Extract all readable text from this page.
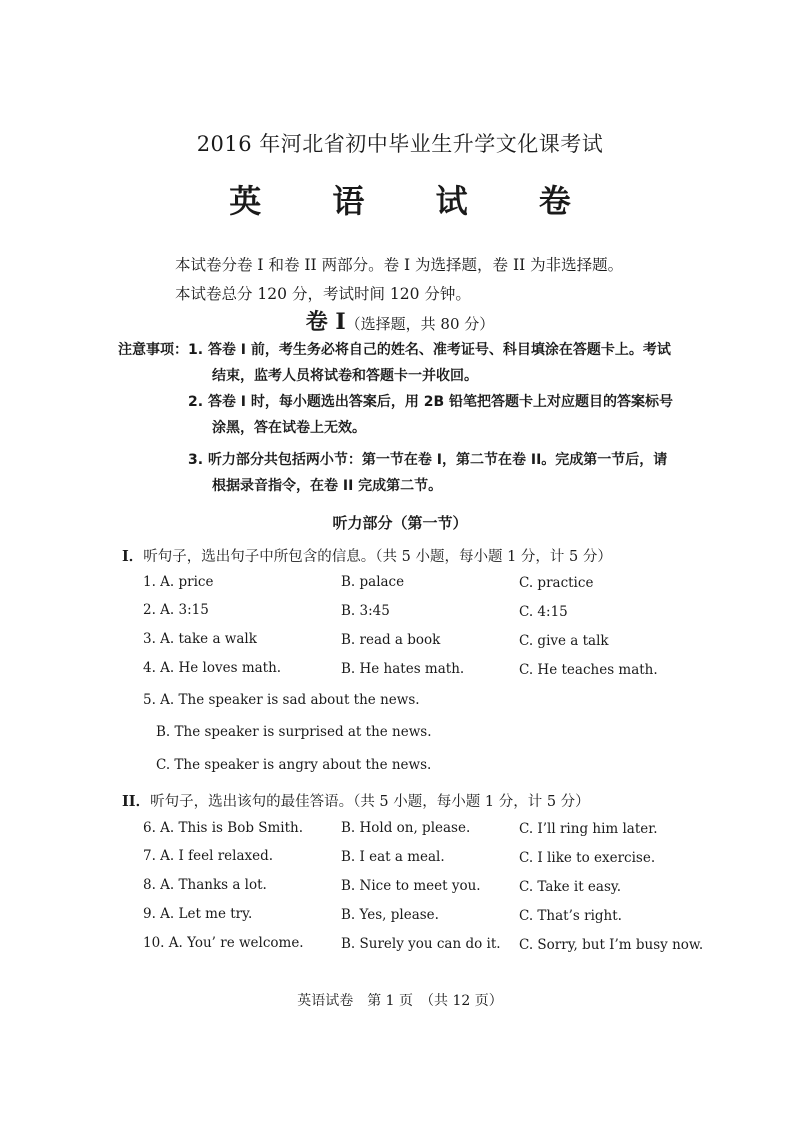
2016 年河北省初中毕业生升学文化课考试
英 语 试 卷
本试卷分卷 I 和卷 II 两部分。卷 I 为选择题，卷 II 为非选择题。
本试卷总分 120 分，考试时间 120 分钟。
卷 I（选择题，共 80 分）
注意事项： 1. 答卷 I 前，考生务必将自己的姓名、准考证号、科目填涂在答题卡上。考试
结束，监考人员将试卷和答题卡一并收回。
2. 答卷 I 时，每小题选出答案后，用 2B 铅笔把答题卡上对应题目的答案标号
涂黑，答在试卷上无效。
3. 听力部分共包括两小节：第一节在卷 I，第二节在卷 II。完成第一节后，请
根据录音指令，在卷 II 完成第二节。
听力部分（第一节）
I．听句子，选出句子中所包含的信息。（共 5 小题，每小题 1 分，计 5 分）
1. A. price	B. palace	C. practice
2. A. 3:15	B. 3:45	C. 4:15
3. A. take a walk	B. read a book	C. give a talk
4. A. He loves math.	B. He hates math.	C. He teaches math.
5. A. The speaker is sad about the news.
B. The speaker is surprised at the news.
C. The speaker is angry about the news.
II．听句子，选出该句的最佳答语。（共 5 小题，每小题 1 分，计 5 分）
6. A. This is Bob Smith.	B. Hold on, please.	C. I’ll ring him later.
7. A. I feel relaxed.	B. I eat a meal.	C. I like to exercise.
8. A. Thanks a lot.	B. Nice to meet you.	C. Take it easy.
9. A. Let me try.	B. Yes, please.	C. That’s right.
10. A. You’ re welcome.	B. Surely you can do it. C. Sorry, but I’m busy now.
英语试卷　第 1 页　（共 12 页）
